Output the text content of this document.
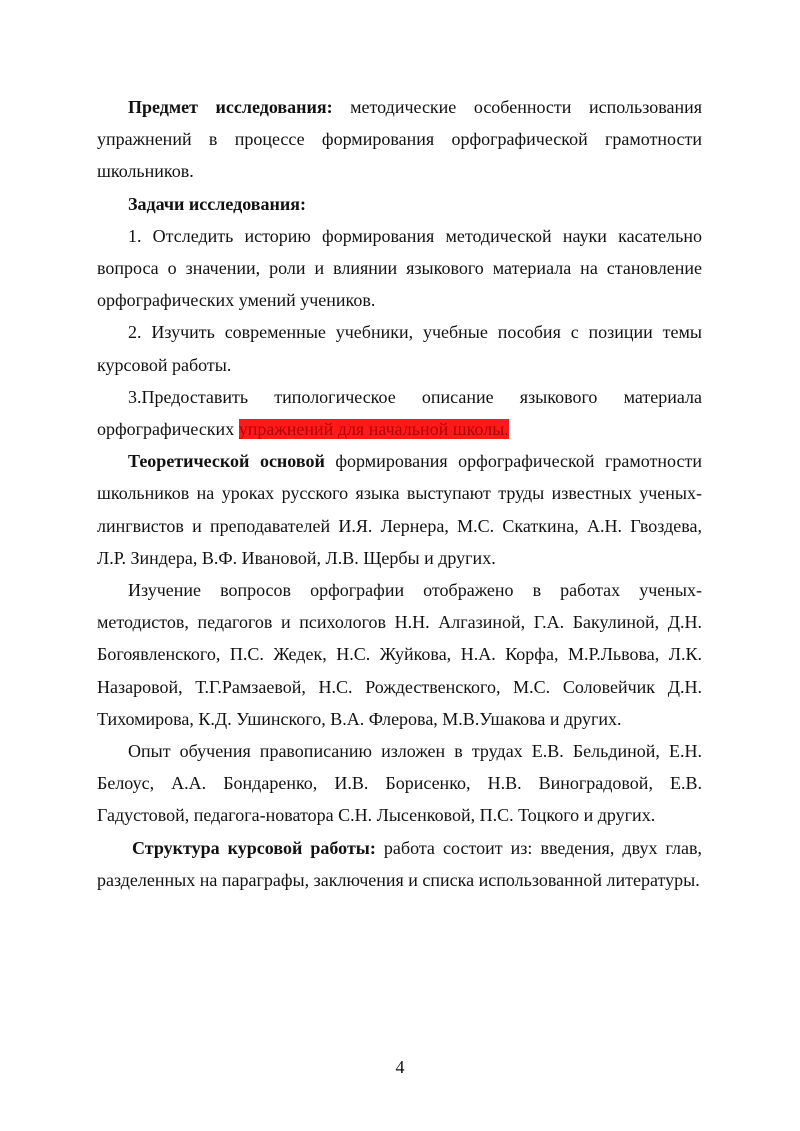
Предмет исследования: методические особенности использования упражнений в процессе формирования орфографической грамотности школьников.

Задачи исследования:

1. Отследить историю формирования методической науки касательно вопроса о значении, роли и влиянии языкового материала на становление орфографических умений учеников.

2. Изучить современные учебники, учебные пособия с позиции темы курсовой работы.

3.Предоставить типологическое описание языкового материала орфографических упражнений для начальной школы.

Теоретической основой формирования орфографической грамотности школьников на уроках русского языка выступают труды известных ученых-лингвистов и преподавателей И.Я. Лернера, М.С. Скаткина, А.Н. Гвоздева, Л.Р. Зиндера, В.Ф. Ивановой, Л.В. Щербы и других.

Изучение вопросов орфографии отображено в работах ученых-методистов, педагогов и психологов Н.Н. Алгазиной, Г.А. Бакулиной, Д.Н. Богоявленского, П.С. Жедек, Н.С. Жуйкова, Н.А. Корфа, М.Р.Львова, Л.К. Назаровой, Т.Г.Рамзаевой, Н.С. Рождественского, М.С. Соловейчик Д.Н. Тихомирова, К.Д. Ушинского, В.А. Флерова, М.В.Ушакова и других.

Опыт обучения правописанию изложен в трудах Е.В. Бельдиной, Е.Н. Белоус, А.А. Бондаренко, И.В. Борисенко, Н.В. Виноградовой, Е.В. Гадустовой, педагога-новатора С.Н. Лысенковой, П.С. Тоцкого и других.

Структура курсовой работы: работа состоит из: введения, двух глав, разделенных на параграфы, заключения и списка использованной литературы.

4
